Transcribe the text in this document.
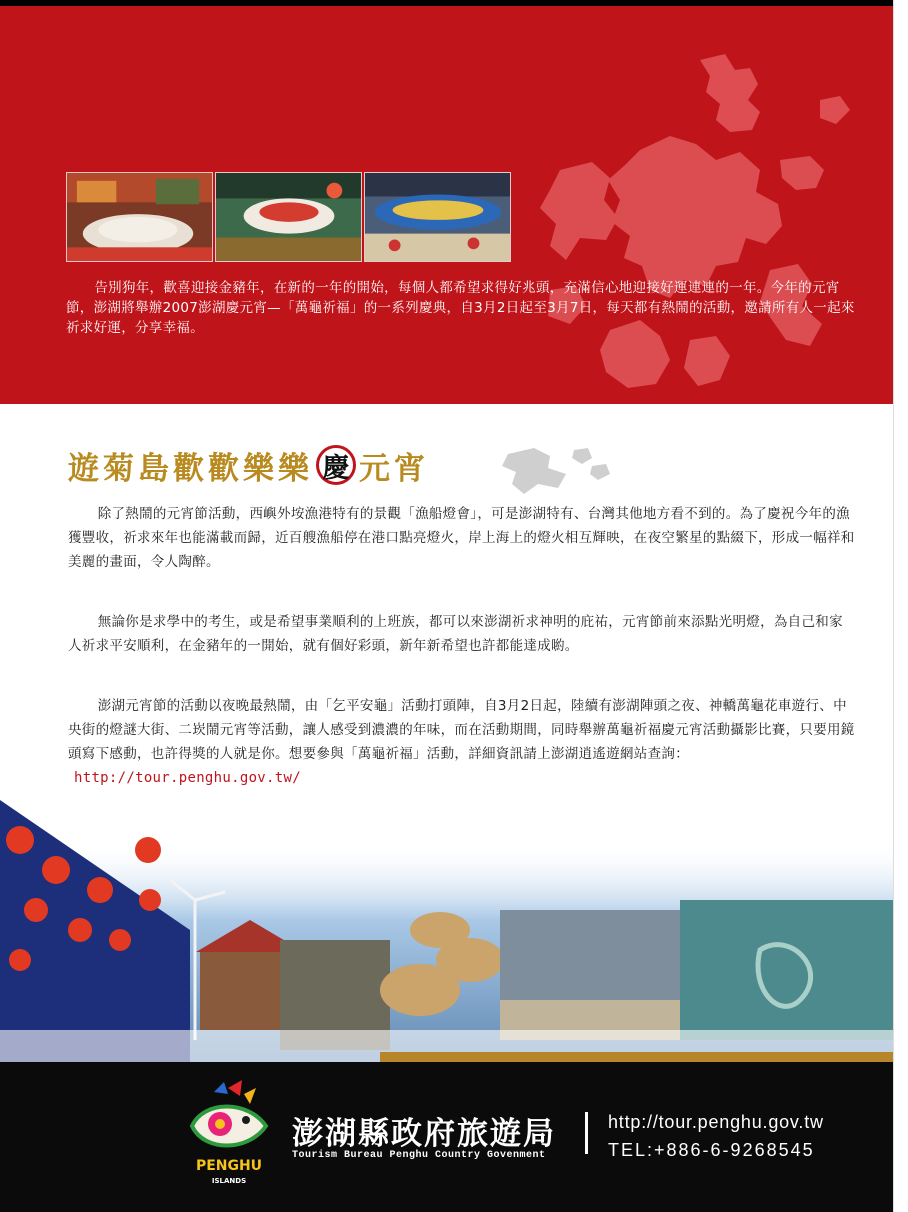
告別狗年，歡喜迎接金豬年，在新的一年的開始，每個人都希望求得好兆頭，充滿信心地迎接好運連連的一年。今年的元宵節，澎湖將舉辦2007澎湖慶元宵—「萬龜祈福」的一系列慶典，自3月2日起至3月7日，每天都有熱鬧的活動，邀請所有人一起來祈求好運，分享幸福。
遊菊島歡歡樂樂 慶 元宵
除了熱鬧的元宵節活動，西嶼外垵漁港特有的景觀「漁船燈會」，可是澎湖特有、台灣其他地方看不到的。為了慶祝今年的漁獲豐收，祈求來年也能滿載而歸，近百艘漁船停在港口點亮燈火，岸上海上的燈火相互輝映，在夜空繁星的點綴下，形成一幅祥和美麗的畫面，令人陶醉。
無論你是求學中的考生，或是希望事業順利的上班族，都可以來澎湖祈求神明的庇祐，元宵節前來添點光明燈，為自己和家人祈求平安順利，在金豬年的一開始，就有個好彩頭，新年新希望也許都能達成喲。
澎湖元宵節的活動以夜晚最熱鬧，由「乞平安龜」活動打頭陣，自3月2日起，陸續有澎湖陣頭之夜、神轎萬龜花車遊行、中央街的燈謎大街、二崁鬧元宵等活動，讓人感受到濃濃的年味，而在活動期間，同時舉辦萬龜祈福慶元宵活動攝影比賽，只要用鏡頭寫下感動，也許得獎的人就是你。想要參與「萬龜祈福」活動，詳細資訊請上澎湖逍遙遊網站查詢：http://tour.penghu.gov.tw/
PENGHU
ISLANDS
澎湖縣政府旅遊局
Tourism Bureau Penghu Country Govenment
http://tour.penghu.gov.tw
TEL:+886-6-9268545
